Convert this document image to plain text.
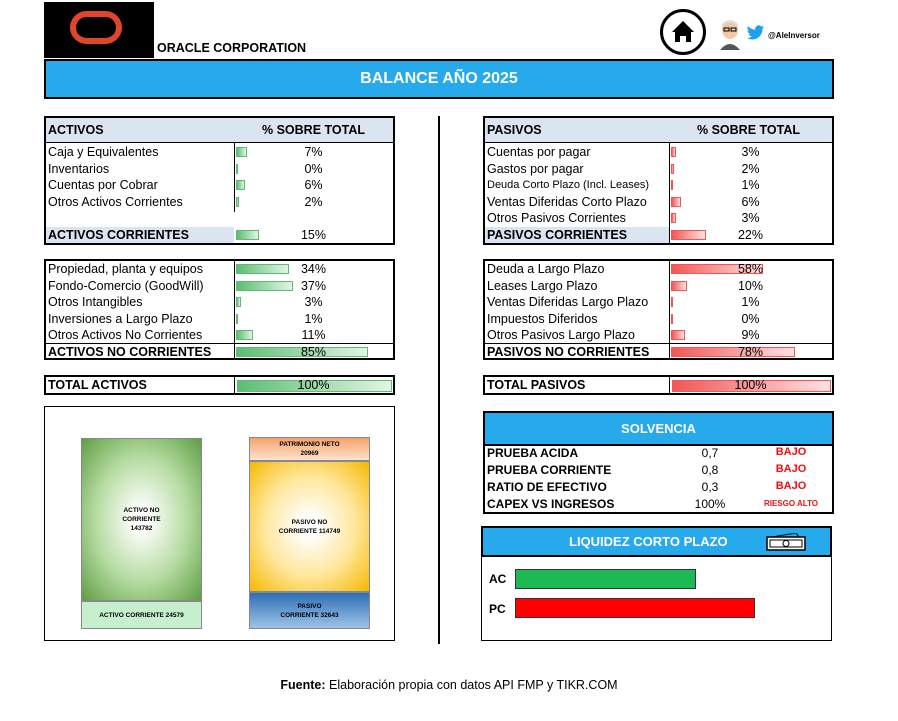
ORACLE CORPORATION
@AleInversor
BALANCE AÑO 2025
ACTIVOS	% SOBRE TOTAL
Caja y Equivalentes	7%
Inventarios	0%
Cuentas por Cobrar	6%
Otros Activos Corrientes	2%
ACTIVOS CORRIENTES	15%
Propiedad, planta y equipos	34%
Fondo-Comercio (GoodWill)	37%
Otros Intangibles	3%
Inversiones a Largo Plazo	1%
Otros Activos No Corrientes	11%
ACTIVOS NO CORRIENTES	85%
TOTAL ACTIVOS	100%
PASIVOS	% SOBRE TOTAL
Cuentas por pagar	3%
Gastos por pagar	2%
Deuda Corto Plazo (Incl. Leases)	1%
Ventas Diferidas Corto Plazo	6%
Otros Pasivos Corrientes	3%
PASIVOS CORRIENTES	22%
Deuda a Largo Plazo	58%
Leases Largo Plazo	10%
Ventas Diferidas Largo Plazo	1%
Impuestos Diferidos	0%
Otros Pasivos Largo Plazo	9%
PASIVOS NO CORRIENTES	78%
TOTAL PASIVOS	100%
ACTIVO NO CORRIENTE 143782
ACTIVO CORRIENTE 24579
PATRIMONIO NETO 20969
PASIVO NO CORRIENTE 114749
PASIVO CORRIENTE 32643
SOLVENCIA
PRUEBA ACIDA	0,7	BAJO
PRUEBA CORRIENTE	0,8	BAJO
RATIO DE EFECTIVO	0,3	BAJO
CAPEX VS INGRESOS	100%	RIESGO ALTO
LIQUIDEZ CORTO PLAZO
AC
PC
Fuente: Elaboración propia con datos API FMP y TIKR.COM
